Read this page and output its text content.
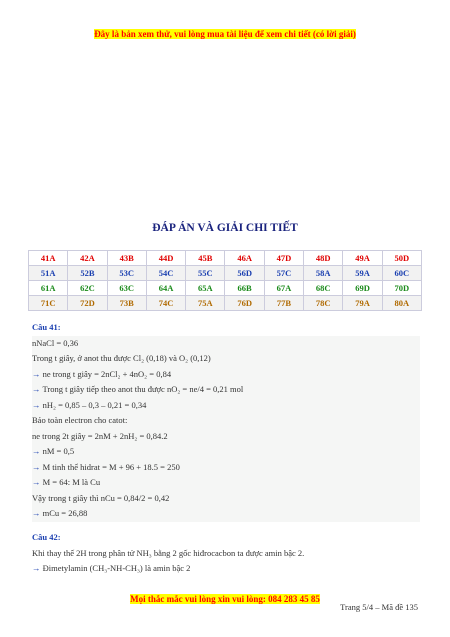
Đây là bản xem thử, vui lòng mua tài liệu để xem chi tiết (có lời giải)
ĐÁP ÁN VÀ GIẢI CHI TIẾT
41A	42A	43B	44D	45B	46A	47D	48D	49A	50D
51A	52B	53C	54C	55C	56D	57C	58A	59A	60C
61A	62C	63C	64A	65A	66B	67A	68C	69D	70D
71C	72D	73B	74C	75A	76D	77B	78C	79A	80A
Câu 41:
nNaCl = 0,36
Trong t giây, ở anot thu được Cl₂ (0,18) và O₂ (0,12)
→ ne trong t giây = 2nCl₂ + 4nO₂ = 0,84
→ Trong t giây tiếp theo anot thu được nO₂ = ne/4 = 0,21 mol
→ nH₂ = 0,85 – 0,3 – 0,21 = 0,34
Bảo toàn electron cho catot:
ne trong 2t giây = 2nM + 2nH₂ = 0,84.2
→ nM = 0,5
→ M tinh thể hidrat = M + 96 + 18.5 = 250
→ M = 64: M là Cu
Vậy trong t giây thì nCu = 0,84/2 = 0,42
→ mCu = 26,88
Câu 42:
Khi thay thế 2H trong phân tử NH₃ bằng 2 gốc hiđrocacbon ta được amin bậc 2.
→ Đimetylamin (CH₃-NH-CH₃) là amin bậc 2
Mọi thắc mắc vui lòng xin vui lòng: 084 283 45 85
Trang 5/4 – Mã đề 135
